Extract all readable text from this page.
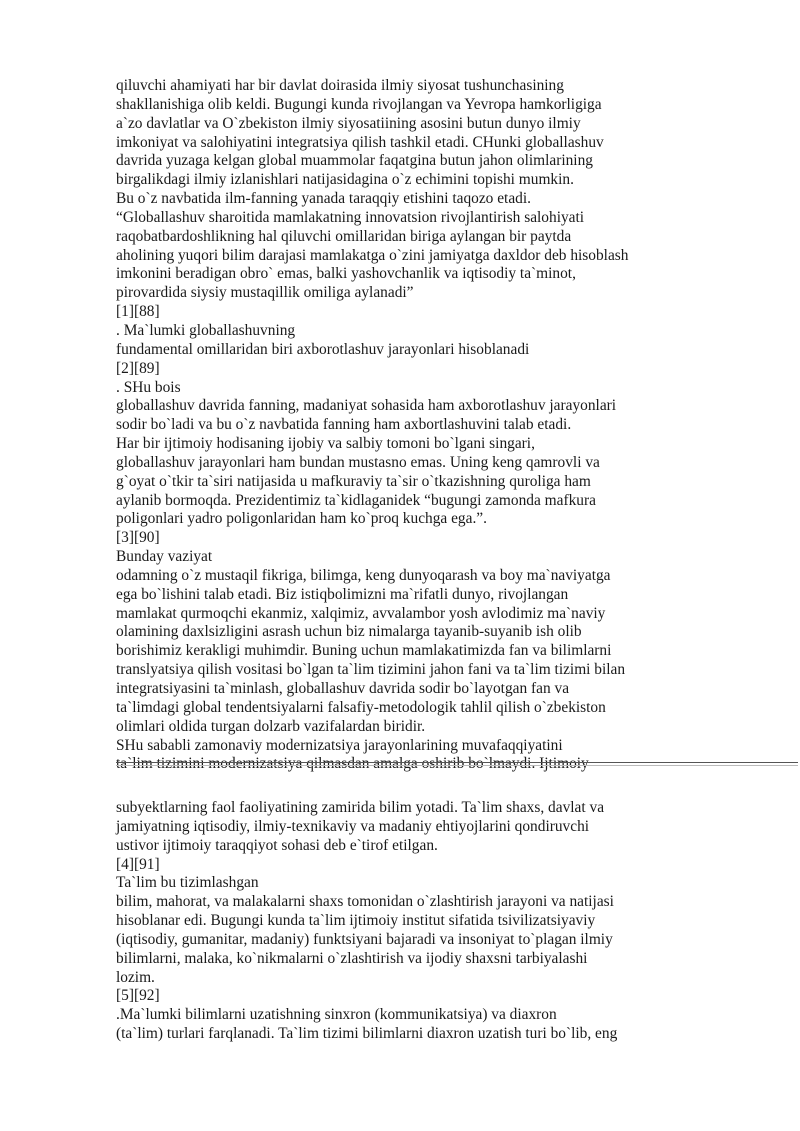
qiluvchi ahamiyati har bir davlat doirasida ilmiy siyosat tushunchasining
shakllanishiga olib keldi. Bugungi kunda rivojlangan va Yevropa hamkorligiga
a`zo davlatlar va O`zbekiston ilmiy siyosatiining asosini butun dunyo ilmiy
imkoniyat va salohiyatini integratsiya qilish tashkil etadi. CHunki globallashuv
davrida yuzaga kelgan global muammolar faqatgina butun jahon olimlarining
birgalikdagi ilmiy izlanishlari natijasidagina o`z echimini topishi mumkin.
Bu o`z navbatida ilm-fanning yanada taraqqiy etishini taqozo etadi.
“Globallashuv sharoitida mamlakatning innovatsion rivojlantirish salohiyati
raqobatbardoshlikning hal qiluvchi omillaridan biriga aylangan bir paytda
aholining yuqori bilim darajasi mamlakatga o`zini jamiyatga daxldor deb hisoblash
imkonini beradigan obro` emas, balki yashovchanlik va iqtisodiy ta`minot,
pirovardida siysiy mustaqillik omiliga aylanadi”
[1][88]
. Ma`lumki globallashuvning
fundamental omillaridan biri axborotlashuv jarayonlari hisoblanadi
[2][89]
. SHu bois
globallashuv davrida fanning, madaniyat sohasida ham axborotlashuv jarayonlari
sodir bo`ladi va bu o`z navbatida fanning ham axbortlashuvini talab etadi.
Har bir ijtimoiy hodisaning ijobiy va salbiy tomoni bo`lgani singari,
globallashuv jarayonlari ham bundan mustasno emas. Uning keng qamrovli va
g`oyat o`tkir ta`siri natijasida u mafkuraviy ta`sir o`tkazishning quroliga ham
aylanib bormoqda. Prezidentimiz ta`kidlaganidek “bugungi zamonda mafkura
poligonlari yadro poligonlaridan ham ko`proq kuchga ega.”.
[3][90]
Bunday vaziyat
odamning o`z mustaqil fikriga, bilimga, keng dunyoqarash va boy ma`naviyatga
ega bo`lishini talab etadi. Biz istiqbolimizni ma`rifatli dunyo, rivojlangan
mamlakat qurmoqchi ekanmiz, xalqimiz, avvalambor yosh avlodimiz ma`naviy
olamining daxlsizligini asrash uchun biz nimalarga tayanib-suyanib ish olib
borishimiz kerakligi muhimdir. Buning uchun mamlakatimizda fan va bilimlarni
translyatsiya qilish vositasi bo`lgan ta`lim tizimini jahon fani va ta`lim tizimi bilan
integratsiyasini ta`minlash, globallashuv davrida sodir bo`layotgan fan va
ta`limdagi global tendentsiyalarni falsafiy-metodologik tahlil qilish o`zbekiston
olimlari oldida turgan dolzarb vazifalardan biridir.
SHu sababli zamonaviy modernizatsiya jarayonlarining muvafaqqiyatini
ta`lim tizimini modernizatsiya qilmasdan amalga oshirib bo`lmaydi. Ijtimoiy
subyektlarning faol faoliyatining zamirida bilim yotadi. Ta`lim shaxs, davlat va
jamiyatning iqtisodiy, ilmiy-texnikaviy va madaniy ehtiyojlarini qondiruvchi
ustivor ijtimoiy taraqqiyot sohasi deb e`tirof etilgan.
[4][91]
Ta`lim bu tizimlashgan
bilim, mahorat, va malakalarni shaxs tomonidan o`zlashtirish jarayoni va natijasi
hisoblanar edi. Bugungi kunda ta`lim ijtimoiy institut sifatida tsivilizatsiyaviy
(iqtisodiy, gumanitar, madaniy) funktsiyani bajaradi va insoniyat to`plagan ilmiy
bilimlarni, malaka, ko`nikmalarni o`zlashtirish va ijodiy shaxsni tarbiyalashi
lozim.
[5][92]
.Ma`lumki bilimlarni uzatishning sinxron (kommunikatsiya) va diaxron
(ta`lim) turlari farqlanadi. Ta`lim tizimi bilimlarni diaxron uzatish turi bo`lib, eng
